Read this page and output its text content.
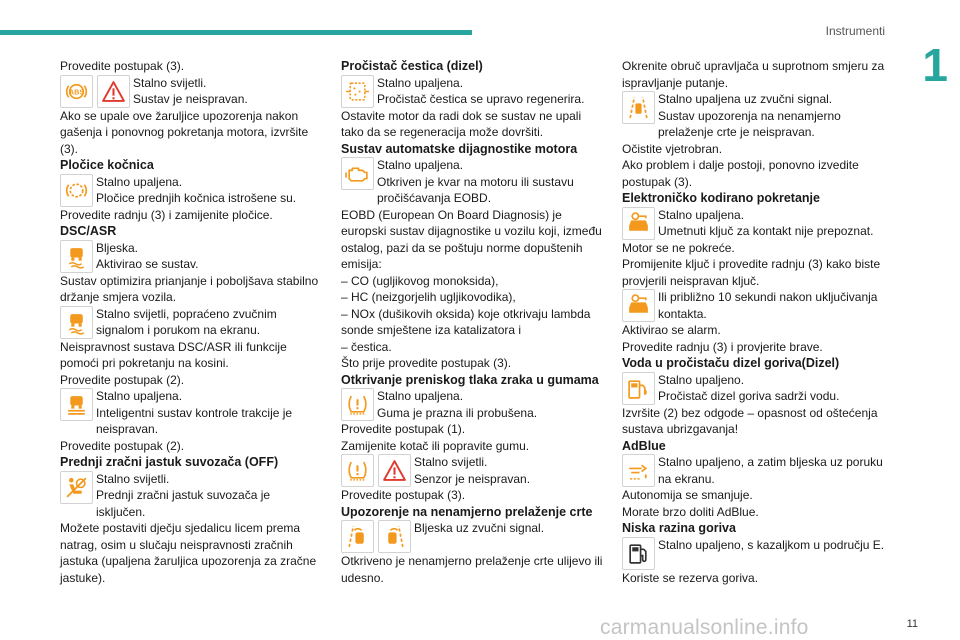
Instrumenti
1
11
carmanualsonline.info

Provedite postupak (3).

ABS

Stalno svijetli.

Sustav je neispravan.

Ako se upale ove žaruljice upozorenja nakon gašenja i ponovnog pokretanja motora, izvršite (3).

Pločice kočnica

Stalno upaljena.

Pločice prednjih kočnica istrošene su.

Provedite radnju (3) i zamijenite pločice.

DSC/ASR

Bljeska.

Aktivirao se sustav.

Sustav optimizira prianjanje i poboljšava stabilno držanje smjera vozila.

Stalno svijetli, popraćeno zvučnim signalom i porukom na ekranu.

Neispravnost sustava DSC/ASR ili funkcije pomoći pri pokretanju na kosini.

Provedite postupak (2).

Stalno upaljena.

Inteligentni sustav kontrole trakcije je neispravan.

Provedite postupak (2).

Prednji zračni jastuk suvozača (OFF)

Stalno svijetli.

Prednji zračni jastuk suvozača je isključen.

Možete postaviti dječju sjedalicu licem prema natrag, osim u slučaju neispravnosti zračnih jastuka (upaljena žaruljica upozorenja za zračne jastuke).

Pročistač čestica (dizel)

Stalno upaljena.

Pročistač čestica se upravo regenerira.

Ostavite motor da radi dok se sustav ne upali tako da se regeneracija može dovršiti.

Sustav automatske dijagnostike motora

Stalno upaljena.

Otkriven je kvar na motoru ili sustavu pročišćavanja EOBD.

EOBD (European On Board Diagnosis) je europski sustav dijagnostike u vozilu koji, između ostalog, pazi da se poštuju norme dopuštenih emisija:

– CO (ugljikovog monoksida),

– HC (neizgorjelih ugljikovodika),

– NOx (dušikovih oksida) koje otkrivaju lambda sonde smještene iza katalizatora i

– čestica.

Što prije provedite postupak (3).

Otkrivanje preniskog tlaka zraka u gumama

Stalno upaljena.

Guma je prazna ili probušena.

Provedite postupak (1).

Zamijenite kotač ili popravite gumu.

Stalno svijetli.

Senzor je neispravan.

Provedite postupak (3).

Upozorenje na nenamjerno prelaženje crte

Bljeska uz zvučni signal.

Otkriveno je nenamjerno prelaženje crte ulijevo ili udesno.

Okrenite obruč upravljača u suprotnom smjeru za ispravljanje putanje.

Stalno upaljena uz zvučni signal.

Sustav upozorenja na nenamjerno prelaženje crte je neispravan.

Očistite vjetrobran.

Ako problem i dalje postoji, ponovno izvedite postupak (3).

Elektroničko kodirano pokretanje

Stalno upaljena.

Umetnuti ključ za kontakt nije prepoznat.

Motor se ne pokreće.

Promijenite ključ i provedite radnju (3) kako biste provjerili neispravan ključ.

Ili približno 10 sekundi nakon uključivanja kontakta.

Aktivirao se alarm.

Provedite radnju (3) i provjerite brave.

Voda u pročistaču dizel goriva(Dizel)

Stalno upaljeno.

Pročistač dizel goriva sadrži vodu.

Izvršite (2) bez odgode – opasnost od oštećenja sustava ubrizgavanja!

AdBlue

Stalno upaljeno, a zatim bljeska uz poruku na ekranu.

Autonomija se smanjuje.

Morate brzo doliti AdBlue.

Niska razina goriva

Stalno upaljeno, s kazaljkom u području E.

Koriste se rezerva goriva.
